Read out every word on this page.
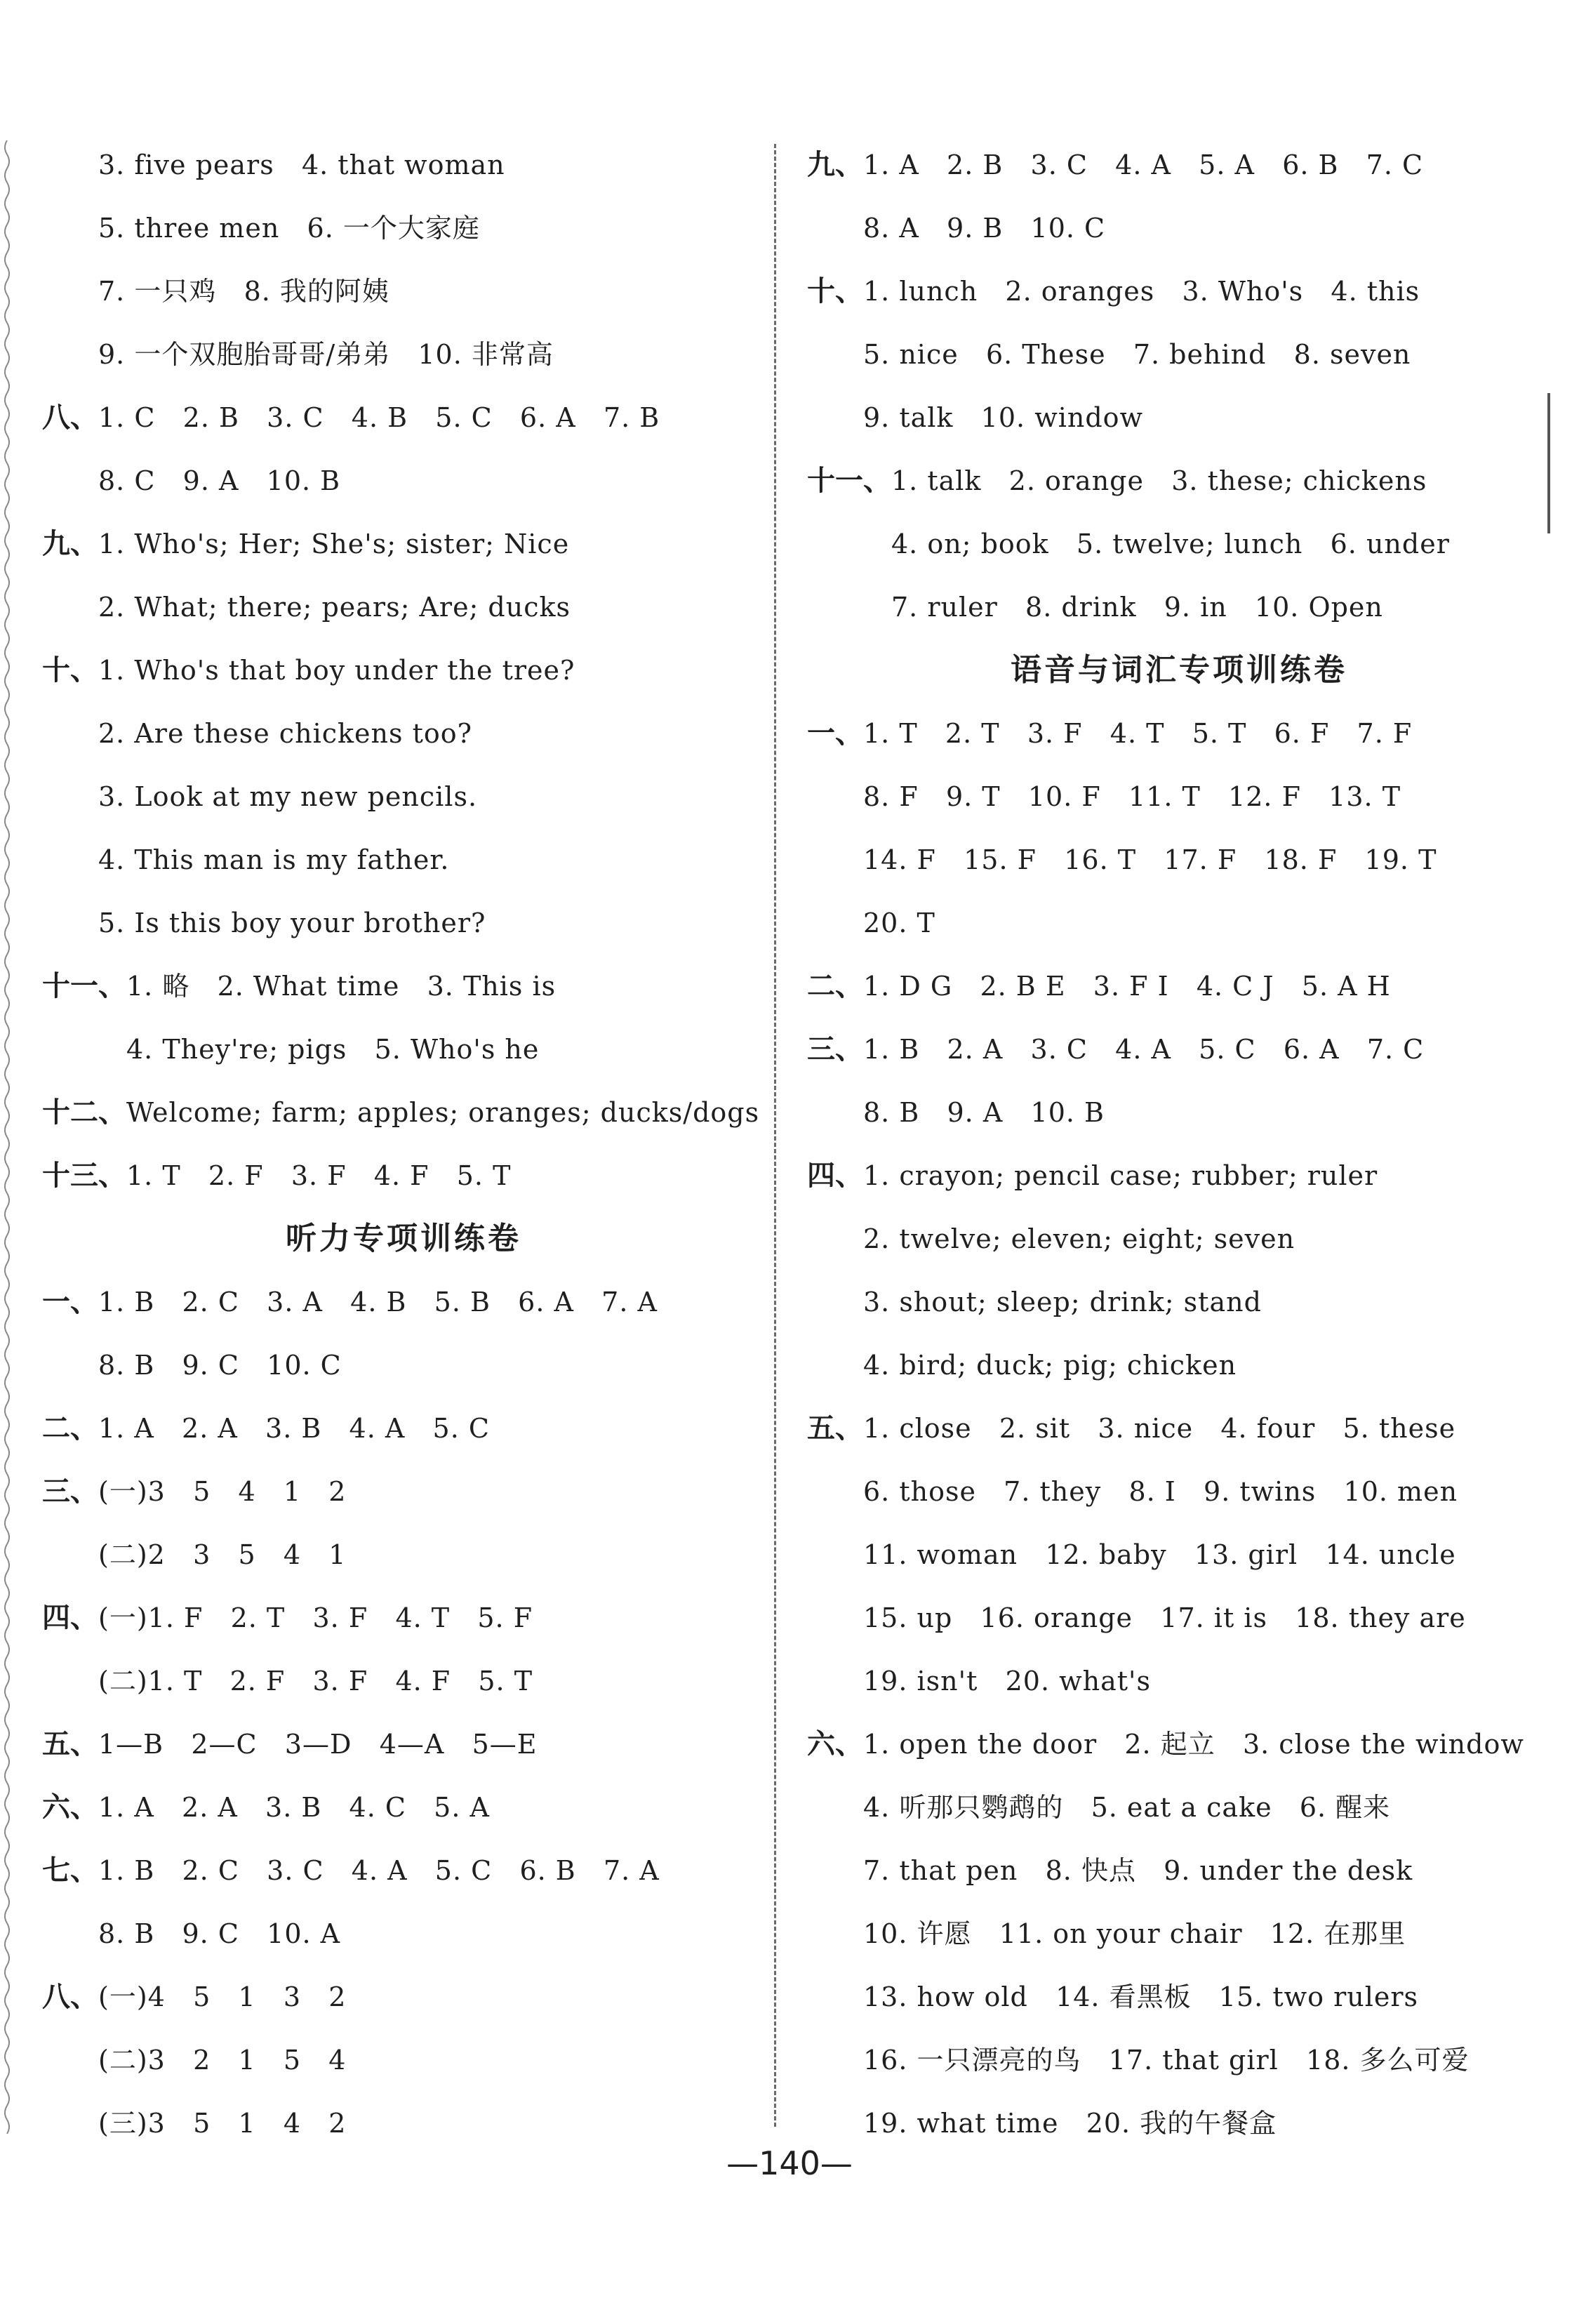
3. five pears   4. that woman
5. three men   6. 一个大家庭
7. 一只鸡   8. 我的阿姨
9. 一个双胞胎哥哥/弟弟   10. 非常高
八、1. C   2. B   3. C   4. B   5. C   6. A   7. B
8. C   9. A   10. B
九、1. Who's; Her; She's; sister; Nice
2. What; there; pears; Are; ducks
十、1. Who's that boy under the tree?
2. Are these chickens too?
3. Look at my new pencils.
4. This man is my father.
5. Is this boy your brother?
十一、1. 略   2. What time   3. This is
4. They're; pigs   5. Who's he
十二、Welcome; farm; apples; oranges; ducks/dogs
十三、1. T   2. F   3. F   4. F   5. T
听力专项训练卷
一、1. B   2. C   3. A   4. B   5. B   6. A   7. A
8. B   9. C   10. C
二、1. A   2. A   3. B   4. A   5. C
三、(一)3   5   4   1   2
(二)2   3   5   4   1
四、(一)1. F   2. T   3. F   4. T   5. F
(二)1. T   2. F   3. F   4. F   5. T
五、1—B   2—C   3—D   4—A   5—E
六、1. A   2. A   3. B   4. C   5. A
七、1. B   2. C   3. C   4. A   5. C   6. B   7. A
8. B   9. C   10. A
八、(一)4   5   1   3   2
(二)3   2   1   5   4
(三)3   5   1   4   2
九、1. A   2. B   3. C   4. A   5. A   6. B   7. C
8. A   9. B   10. C
十、1. lunch   2. oranges   3. Who's   4. this
5. nice   6. These   7. behind   8. seven
9. talk   10. window
十一、1. talk   2. orange   3. these; chickens
4. on; book   5. twelve; lunch   6. under
7. ruler   8. drink   9. in   10. Open
语音与词汇专项训练卷
一、1. T   2. T   3. F   4. T   5. T   6. F   7. F
8. F   9. T   10. F   11. T   12. F   13. T
14. F   15. F   16. T   17. F   18. F   19. T
20. T
二、1. D G   2. B E   3. F I   4. C J   5. A H
三、1. B   2. A   3. C   4. A   5. C   6. A   7. C
8. B   9. A   10. B
四、1. crayon; pencil case; rubber; ruler
2. twelve; eleven; eight; seven
3. shout; sleep; drink; stand
4. bird; duck; pig; chicken
五、1. close   2. sit   3. nice   4. four   5. these
6. those   7. they   8. I   9. twins   10. men
11. woman   12. baby   13. girl   14. uncle
15. up   16. orange   17. it is   18. they are
19. isn't   20. what's
六、1. open the door   2. 起立   3. close the window
4. 听那只鹦鹉的   5. eat a cake   6. 醒来
7. that pen   8. 快点   9. under the desk
10. 许愿   11. on your chair   12. 在那里
13. how old   14. 看黑板   15. two rulers
16. 一只漂亮的鸟   17. that girl   18. 多么可爱
19. what time   20. 我的午餐盒
—140—
